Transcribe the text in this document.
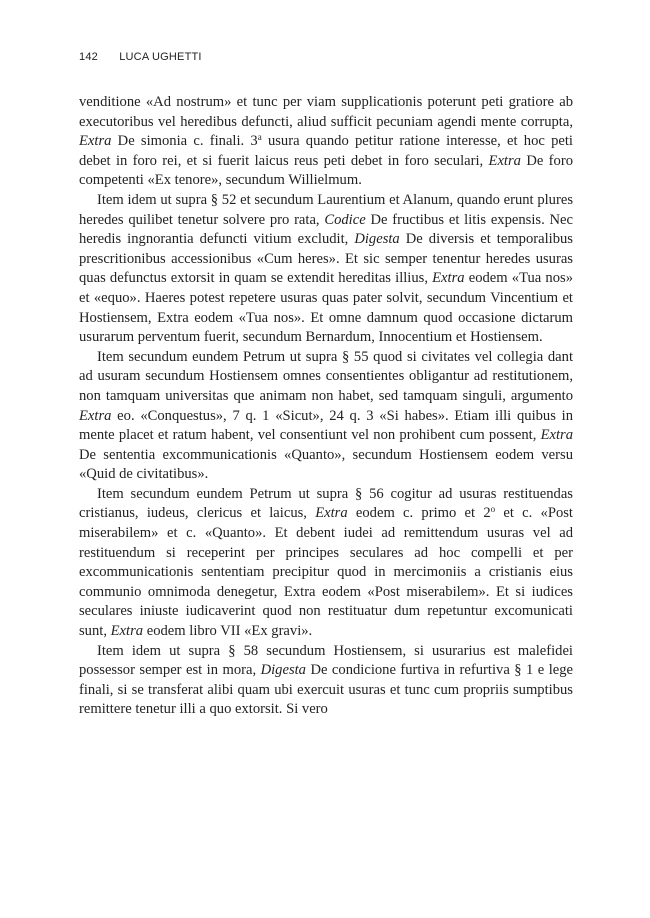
142 LUCA UGHETTI

venditione «Ad nostrum» et tunc per viam supplicationis poterunt peti gratiore ab executoribus vel heredibus defuncti, aliud sufficit pecuniam agendi mente corrupta, Extra De simonia c. finali. 3$^a$ usura quando petitur ratione interesse, et hoc peti debet in foro rei, et si fuerit laicus reus peti debet in foro seculari, Extra De foro competenti «Ex tenore», secundum Willielmum.

Item idem ut supra § 52 et secundum Laurentium et Alanum, quando erunt plures heredes quilibet tenetur solvere pro rata, Codice De fructibus et litis expensis. Nec heredis ingnorantia defuncti vitium excludit, Digesta De diversis et temporalibus prescritionibus accessionibus «Cum heres». Et sic semper tenentur heredes usuras quas defunctus extorsit in quam se extendit hereditas illius, Extra eodem «Tua nos» et «equo». Haeres potest repetere usuras quas pater solvit, secundum Vincentium et Hostiensem, Extra eodem «Tua nos». Et omne damnum quod occasione dictarum usurarum perventum fuerit, secundum Bernardum, Innocentium et Hostiensem.

Item secundum eundem Petrum ut supra § 55 quod si civitates vel collegia dant ad usuram secundum Hostiensem omnes consentientes obligantur ad restitutionem, non tamquam universitas que animam non habet, sed tamquam singuli, argumento Extra eo. «Conquestus», 7 q. 1 «Sicut», 24 q. 3 «Si habes». Etiam illi quibus in mente placet et ratum habent, vel consentiunt vel non prohibent cum possent, Extra De sententia excommunicationis «Quanto», secundum Hostiensem eodem versu «Quid de civitatibus».

Item secundum eundem Petrum ut supra § 56 cogitur ad usuras restituendas cristianus, iudeus, clericus et laicus, Extra eodem c. primo et 2$^o$ et c. «Post miserabilem» et c. «Quanto». Et debent iudei ad remittendum usuras vel ad restituendum si receperint per principes seculares ad hoc compelli et per excommunicationis sententiam precipitur quod in mercimoniis a cristianis eius communio omnimoda denegetur, Extra eodem «Post miserabilem». Et si iudices seculares iniuste iudicaverint quod non restituatur dum repetuntur excomunicati sunt, Extra eodem libro VII «Ex gravi».

Item idem ut supra § 58 secundum Hostiensem, si usurarius est malefidei possessor semper est in mora, Digesta De condicione furtiva in refurtiva § 1 e lege finali, si se transferat alibi quam ubi exercuit usuras et tunc cum propriis sumptibus remittere tenetur illi a quo extorsit. Si vero
